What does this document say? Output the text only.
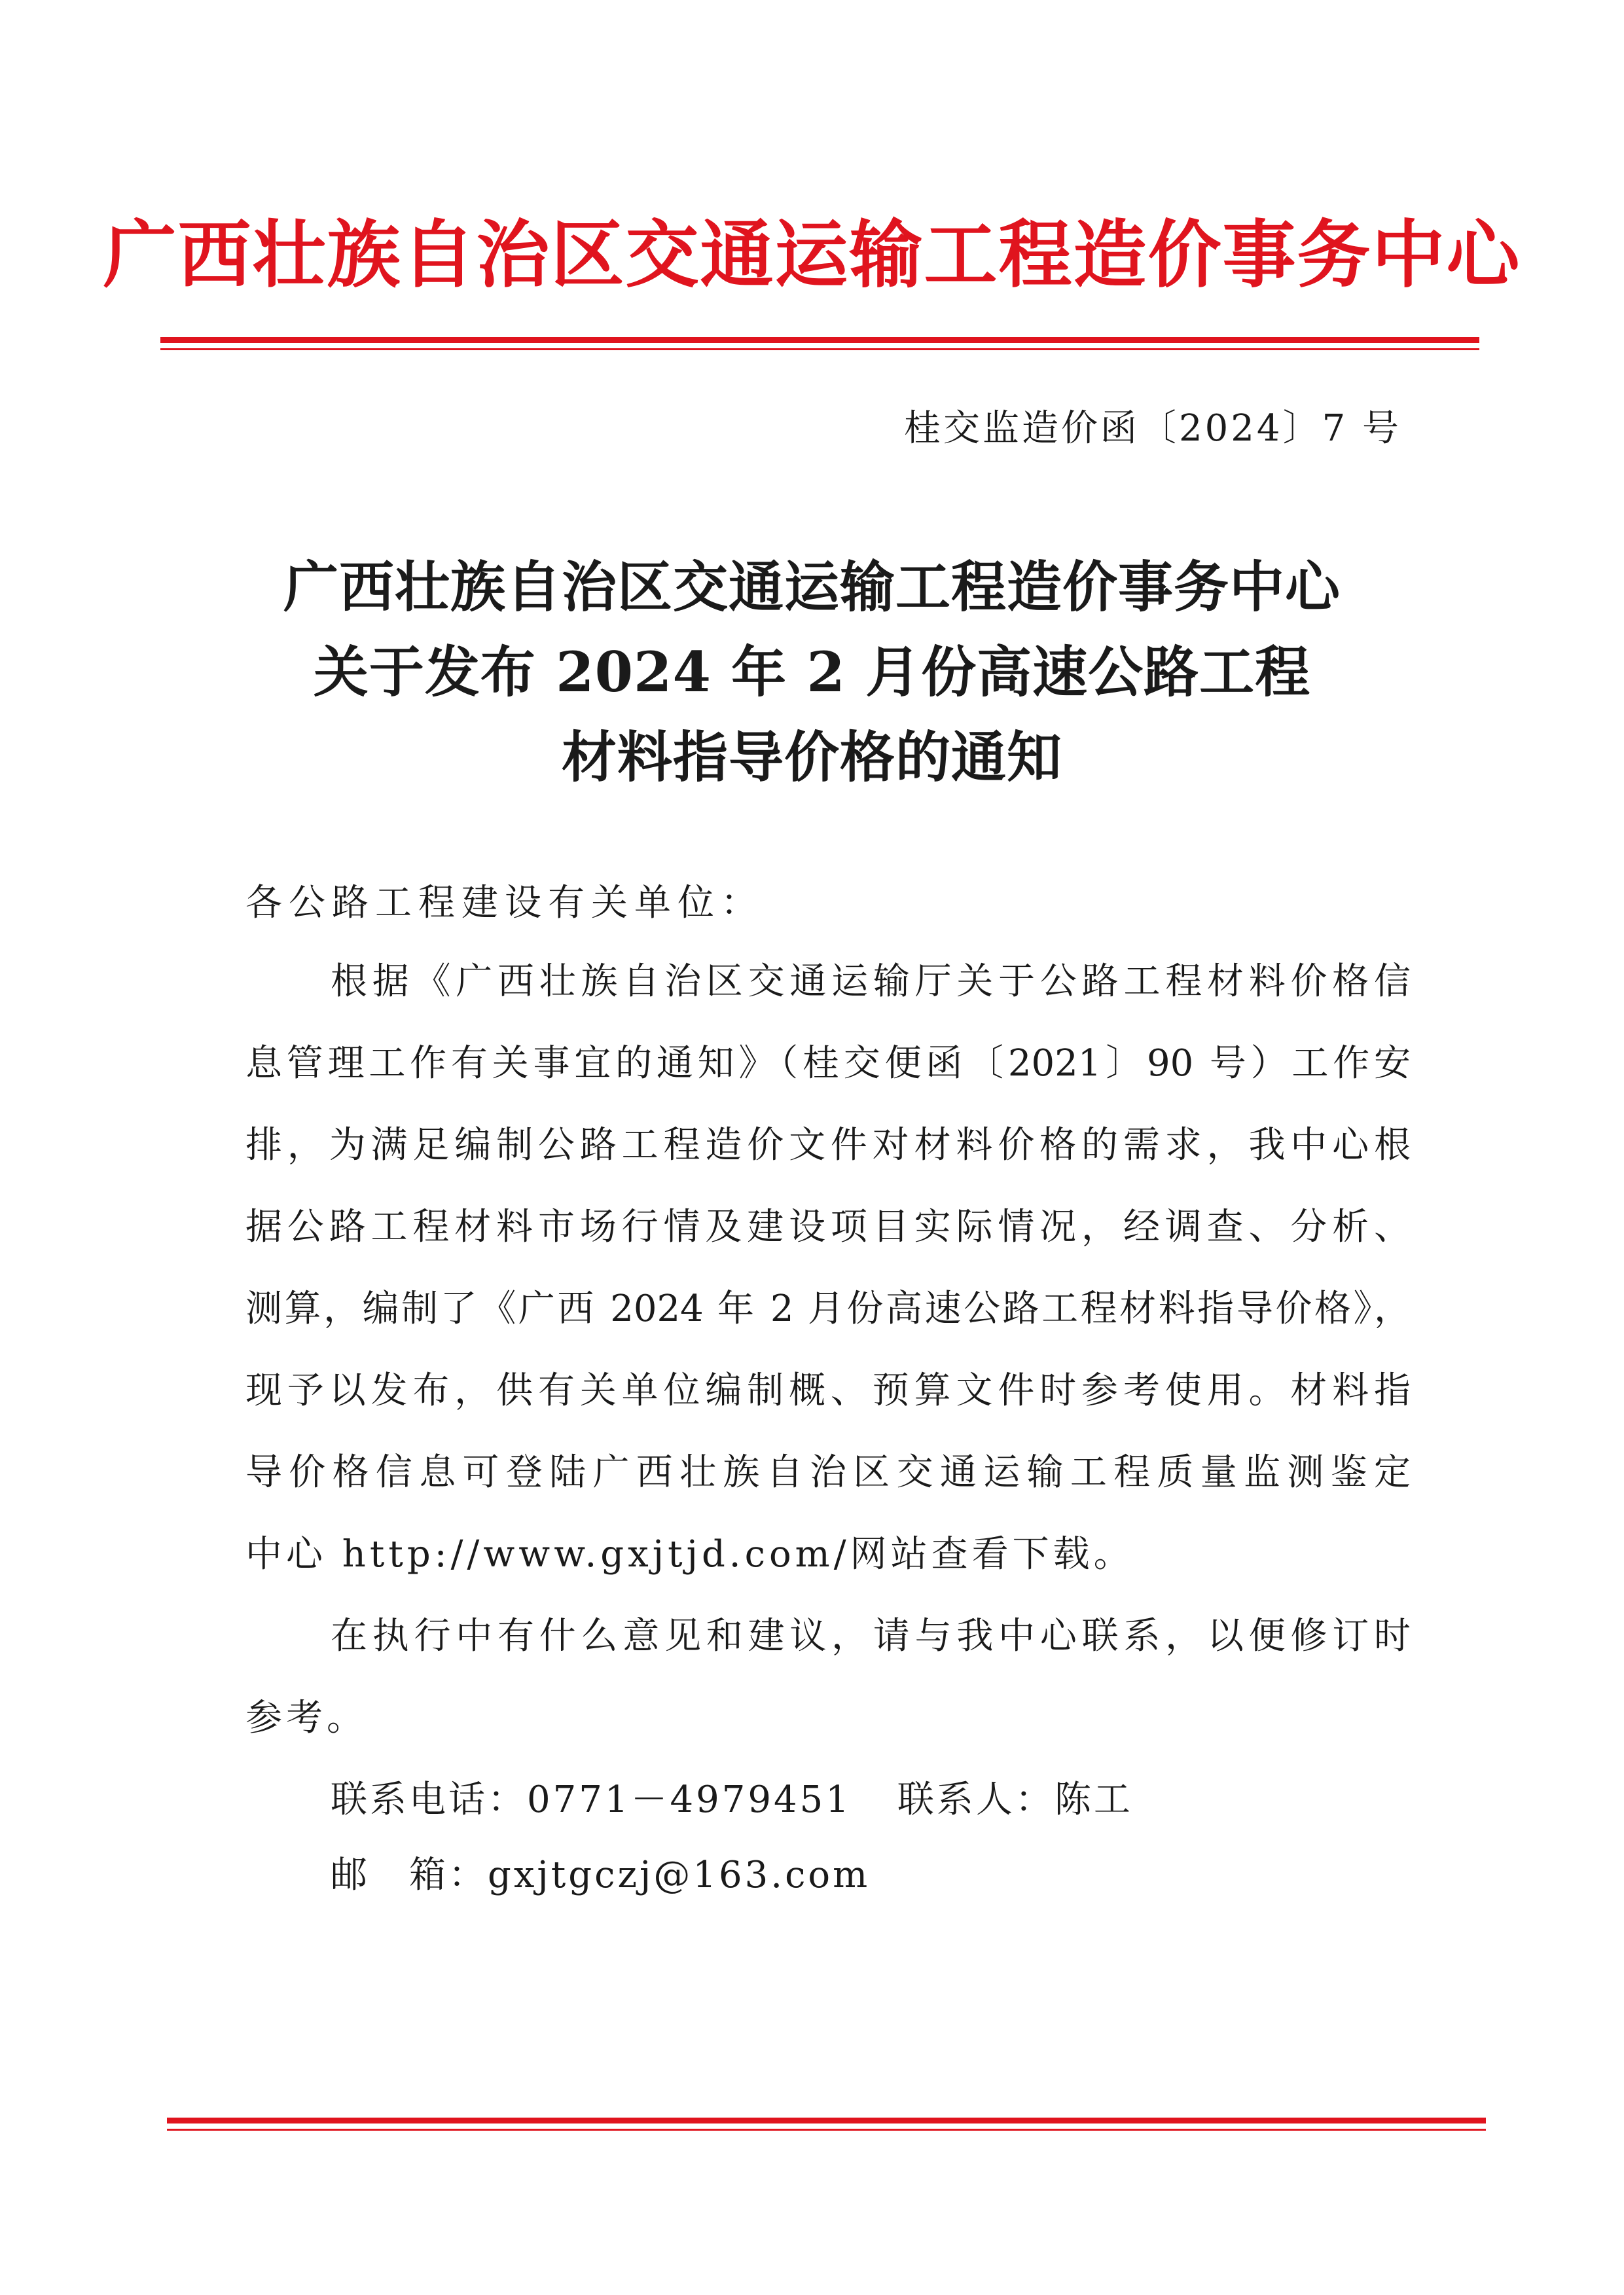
广西壮族自治区交通运输工程造价事务中心
桂交监造价函〔2024〕7 号
广西壮族自治区交通运输工程造价事务中心
关于发布 2024 年 2 月份高速公路工程
材料指导价格的通知
各公路工程建设有关单位：
根据《广西壮族自治区交通运输厅关于公路工程材料价格信
息管理工作有关事宜的通知》（桂交便函〔2021〕90 号）工作安
排，为满足编制公路工程造价文件对材料价格的需求，我中心根
据公路工程材料市场行情及建设项目实际情况，经调查、分析、
测算，编制了《广西 2024 年 2 月份高速公路工程材料指导价格》，
现予以发布，供有关单位编制概、预算文件时参考使用。材料指
导价格信息可登陆广西壮族自治区交通运输工程质量监测鉴定
中心 http://www.gxjtjd.com/网站查看下载。
在执行中有什么意见和建议，请与我中心联系，以便修订时
参考。
联系电话：0771－4979451 联系人：陈工
邮　箱：gxjtgczj@163.com
